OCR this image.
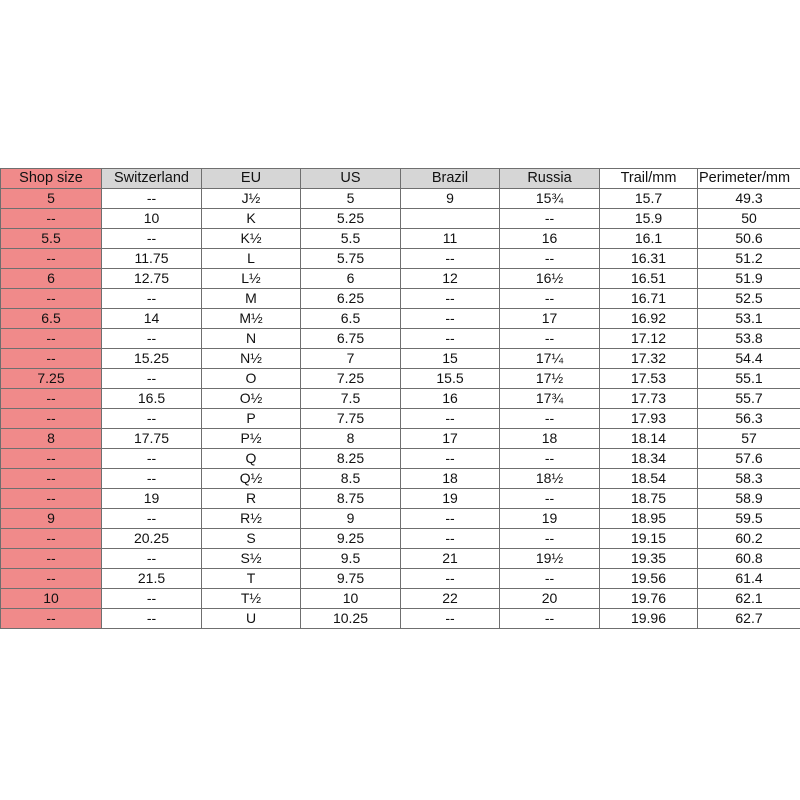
Shop size	Switzerland	EU	US	Brazil	Russia	Trail/mm	Perimeter/mm
5	--	J½	5	9	15¾	15.7	49.3
--	10	K	5.25		--	15.9	50
5.5	--	K½	5.5	11	16	16.1	50.6
--	11.75	L	5.75	--	--	16.31	51.2
6	12.75	L½	6	12	16½	16.51	51.9
--	--	M	6.25	--	--	16.71	52.5
6.5	14	M½	6.5	--	17	16.92	53.1
--	--	N	6.75	--	--	17.12	53.8
--	15.25	N½	7	15	17¼	17.32	54.4
7.25	--	O	7.25	15.5	17½	17.53	55.1
--	16.5	O½	7.5	16	17¾	17.73	55.7
--	--	P	7.75	--	--	17.93	56.3
8	17.75	P½	8	17	18	18.14	57
--	--	Q	8.25	--	--	18.34	57.6
--	--	Q½	8.5	18	18½	18.54	58.3
--	19	R	8.75	19	--	18.75	58.9
9	--	R½	9	--	19	18.95	59.5
--	20.25	S	9.25	--	--	19.15	60.2
--	--	S½	9.5	21	19½	19.35	60.8
--	21.5	T	9.75	--	--	19.56	61.4
10	--	T½	10	22	20	19.76	62.1
--	--	U	10.25	--	--	19.96	62.7
